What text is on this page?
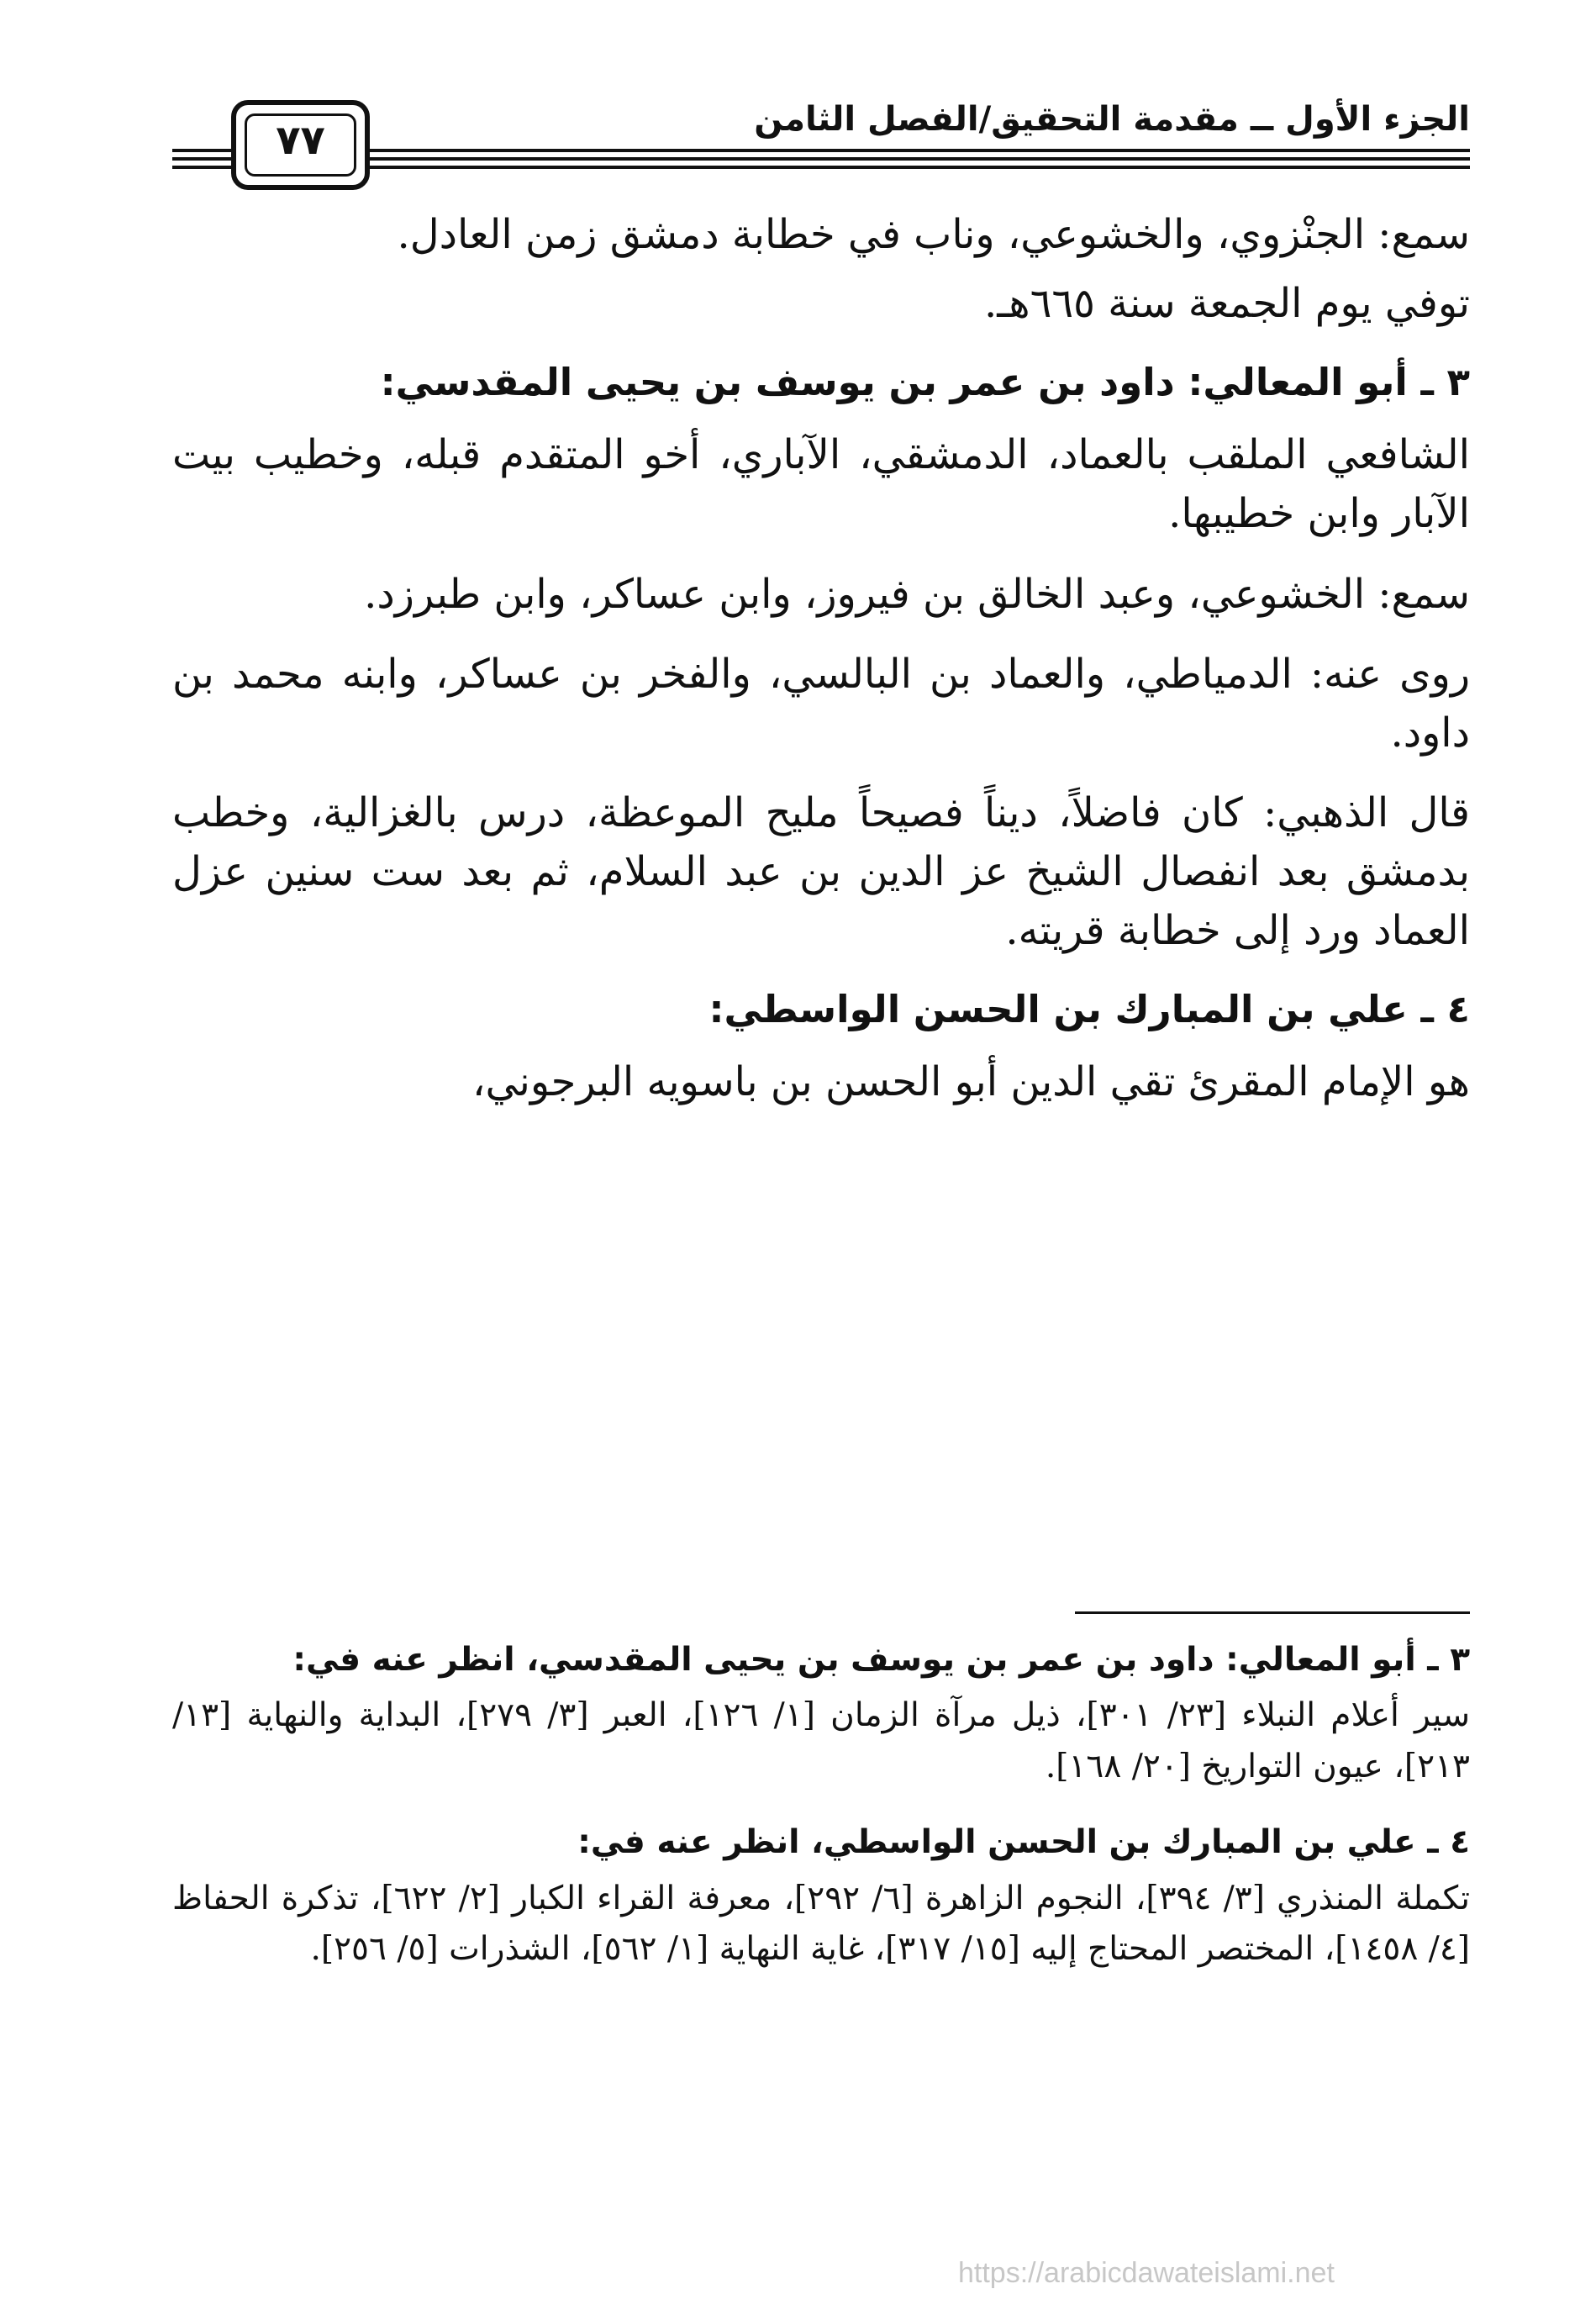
الجزء الأول ــ مقدمة التحقيق/الفصل الثامن
٧٧

سمع: الجنْزوي، والخشوعي، وناب في خطابة دمشق زمن العادل.

توفي يوم الجمعة سنة ٦٦٥هـ.

٣ ـ أبو المعالي: داود بن عمر بن يوسف بن يحيى المقدسي:

الشافعي الملقب بالعماد، الدمشقي، الآباري، أخو المتقدم قبله، وخطيب بيت الآبار وابن خطيبها.

سمع: الخشوعي، وعبد الخالق بن فيروز، وابن عساكر، وابن طبرزد.

روى عنه: الدمياطي، والعماد بن البالسي، والفخر بن عساكر، وابنه محمد بن داود.

قال الذهبي: كان فاضلاً، ديناً فصيحاً مليح الموعظة، درس بالغزالية، وخطب بدمشق بعد انفصال الشيخ عز الدين بن عبد السلام، ثم بعد ست سنين عزل العماد ورد إلى خطابة قريته.

٤ ـ علي بن المبارك بن الحسن الواسطي:

هو الإمام المقرئ تقي الدين أبو الحسن بن باسويه البرجوني،

٣ ـ أبو المعالي: داود بن عمر بن يوسف بن يحيى المقدسي، انظر عنه في:
سير أعلام النبلاء [٢٣/ ٣٠١]، ذيل مرآة الزمان [١/ ١٢٦]، العبر [٣/ ٢٧٩]، البداية والنهاية [١٣/ ٢١٣]، عيون التواريخ [٢٠/ ١٦٨].
٤ ـ علي بن المبارك بن الحسن الواسطي، انظر عنه في:
تكملة المنذري [٣/ ٣٩٤]، النجوم الزاهرة [٦/ ٢٩٢]، معرفة القراء الكبار [٢/ ٦٢٢]، تذكرة الحفاظ [٤/ ١٤٥٨]، المختصر المحتاج إليه [١٥/ ٣١٧]، غاية النهاية [١/ ٥٦٢]، الشذرات [٥/ ٢٥٦].
https://arabicdawateislami.net
